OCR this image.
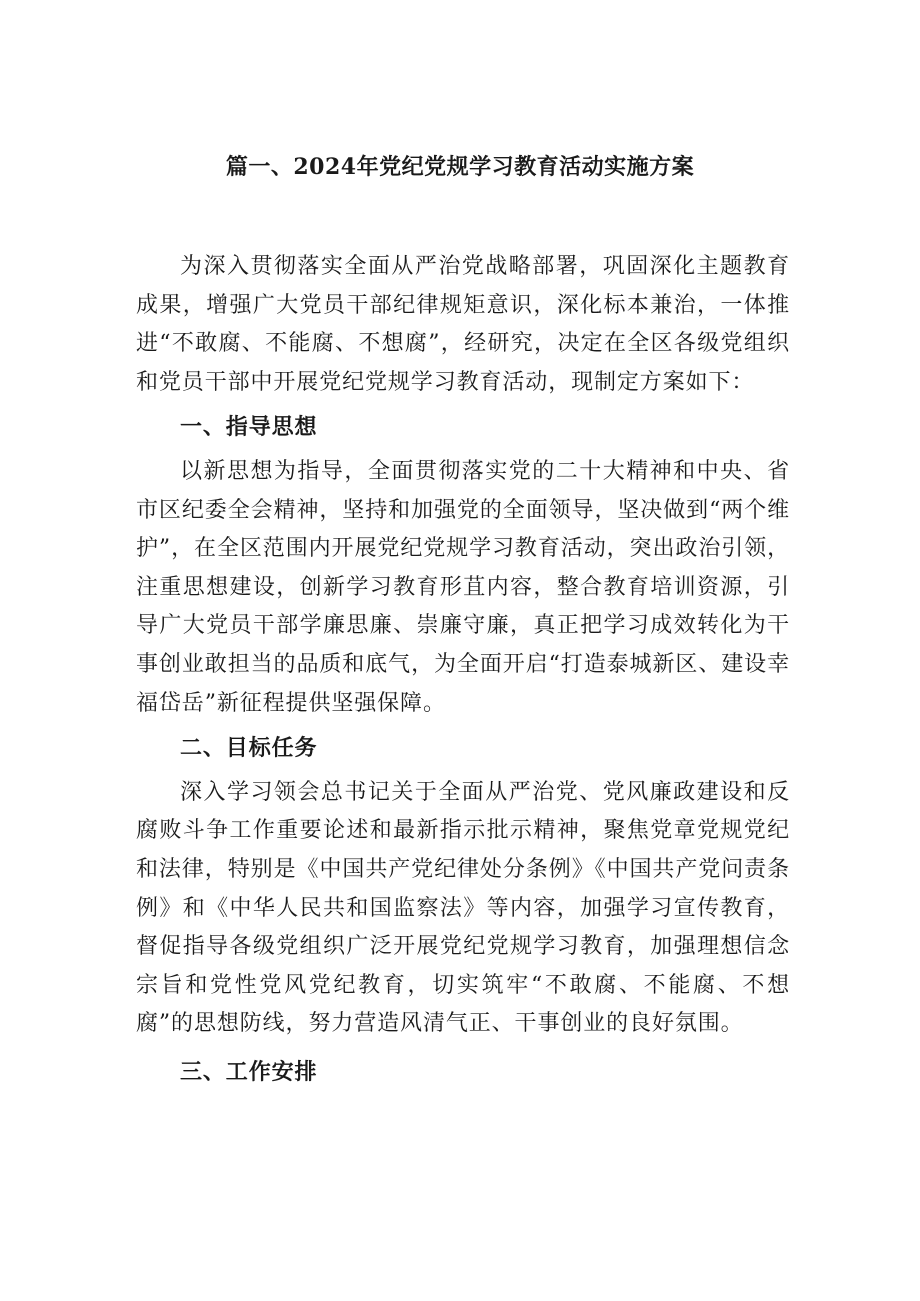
篇一、2024年党纪党规学习教育活动实施方案

为深入贯彻落实全面从严治党战略部署，巩固深化主题教育成果，增强广大党员干部纪律规矩意识，深化标本兼治，一体推进“不敢腐、不能腐、不想腐”，经研究，决定在全区各级党组织和党员干部中开展党纪党规学习教育活动，现制定方案如下：

一、指导思想

以新思想为指导，全面贯彻落实党的二十大精神和中央、省市区纪委全会精神，坚持和加强党的全面领导，坚决做到“两个维护”，在全区范围内开展党纪党规学习教育活动，突出政治引领，注重思想建设，创新学习教育形苴内容，整合教育培训资源，引导广大党员干部学廉思廉、崇廉守廉，真正把学习成效转化为干事创业敢担当的品质和底气，为全面开启“打造泰城新区、建设幸福岱岳”新征程提供坚强保障。

二、目标任务

深入学习领会总书记关于全面从严治党、党风廉政建设和反腐败斗争工作重要论述和最新指示批示精神，聚焦党章党规党纪和法律，特别是《中国共产党纪律处分条例》《中国共产党问责条例》和《中华人民共和国监察法》等内容，加强学习宣传教育，督促指导各级党组织广泛开展党纪党规学习教育，加强理想信念宗旨和党性党风党纪教育，切实筑牢“不敢腐、不能腐、不想腐”的思想防线，努力营造风清气正、干事创业的良好氛围。

三、工作安排
